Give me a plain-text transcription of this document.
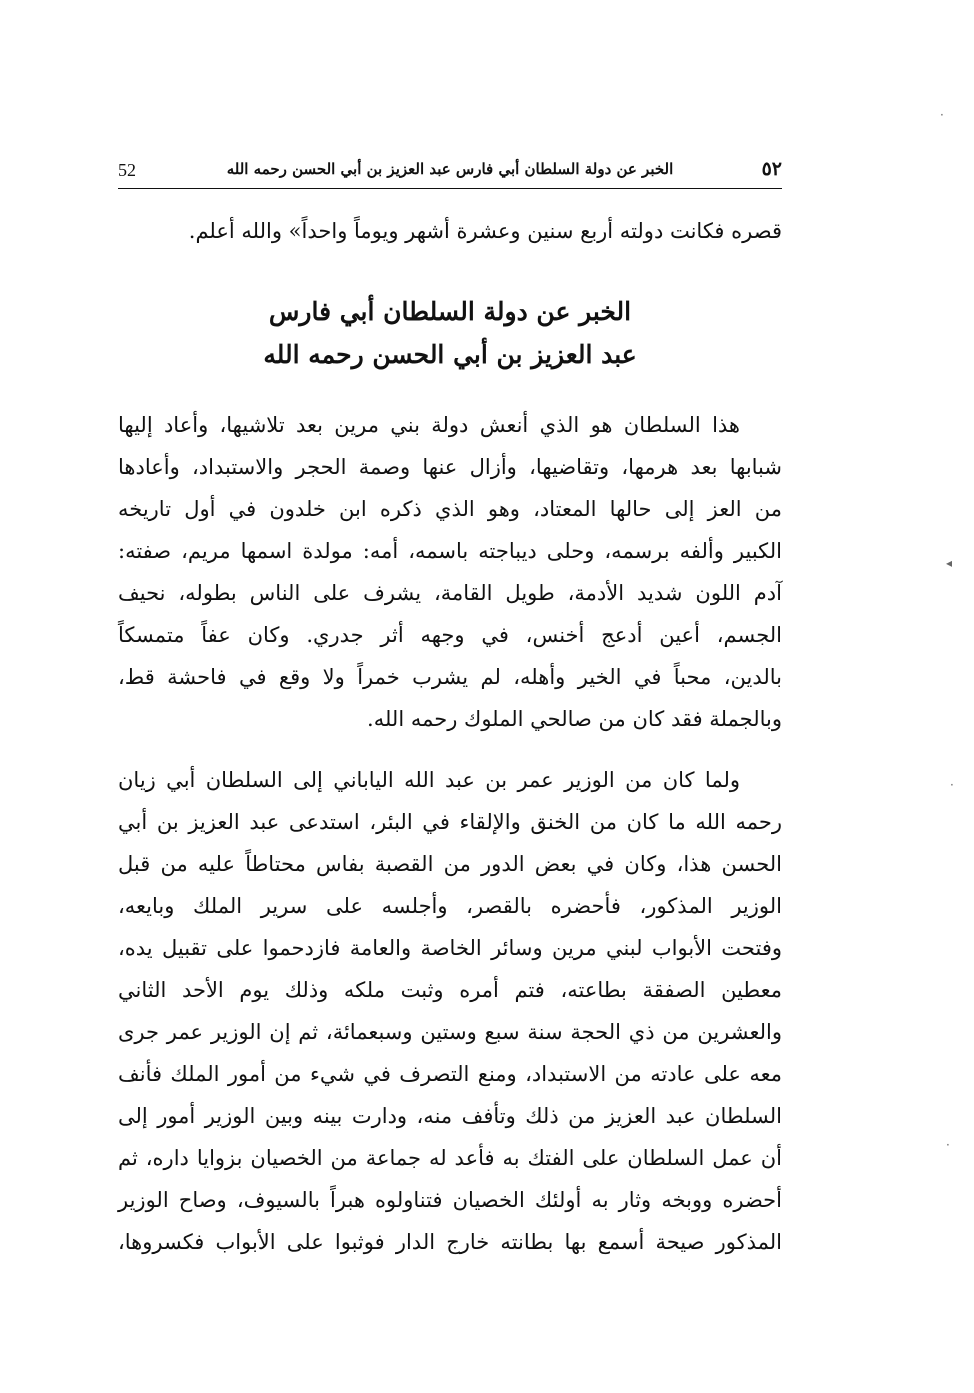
52	الخبر عن دولة السلطان أبي فارس عبد العزيز بن أبي الحسن رحمه الله	٥٢
قصره فكانت دولته أربع سنين وعشرة أشهر ويوماً واحداً» والله أعلم.
الخبر عن دولة السلطان أبي فارس
عبد العزيز بن أبي الحسن رحمه الله
هذا السلطان هو الذي أنعش دولة بني مرين بعد تلاشيها، وأعاد إليها
شبابها بعد هرمها، وتقاضيها، وأزال عنها وصمة الحجر والاستبداد، وأعادها
من العز إلى حالها المعتاد، وهو الذي ذكره ابن خلدون في أول تاريخه
الكبير وألفه برسمه، وحلى ديباجته باسمه، أمه: مولدة اسمها مريم، صفته:
آدم اللون شديد الأدمة، طويل القامة، يشرف على الناس بطوله، نحيف
الجسم، أعين أدعج أخنس، في وجهه أثر جدري. وكان عفاً متمسكاً
بالدين، محباً في الخير وأهله، لم يشرب خمراً ولا وقع في فاحشة قط،
وبالجملة فقد كان من صالحي الملوك رحمه الله.
ولما كان من الوزير عمر بن عبد الله الياباني إلى السلطان أبي زيان
رحمه الله ما كان من الخنق والإلقاء في البئر، استدعى عبد العزيز بن أبي
الحسن هذا، وكان في بعض الدور من القصبة بفاس محتاطاً عليه من قبل
الوزير المذكور، فأحضره بالقصر، وأجلسه على سرير الملك وبايعه،
وفتحت الأبواب لبني مرين وسائر الخاصة والعامة فازدحموا على تقبيل يده،
معطين الصفقة بطاعته، فتم أمره وثبت ملكه وذلك يوم الأحد الثاني
والعشرين من ذي الحجة سنة سبع وستين وسبعمائة، ثم إن الوزير عمر جرى
معه على عادته من الاستبداد، ومنع التصرف في شيء من أمور الملك فأنف
السلطان عبد العزيز من ذلك وتأفف منه، ودارت بينه وبين الوزير أمور إلى
أن عمل السلطان على الفتك به فأعد له جماعة من الخصيان بزوايا داره، ثم
أحضره ووبخه وثار به أولئك الخصيان فتناولوه هبراً بالسيوف، وصاح الوزير
المذكور صيحة أسمع بها بطانته خارج الدار فوثبوا على الأبواب فكسروها،
·
◂
·
·
